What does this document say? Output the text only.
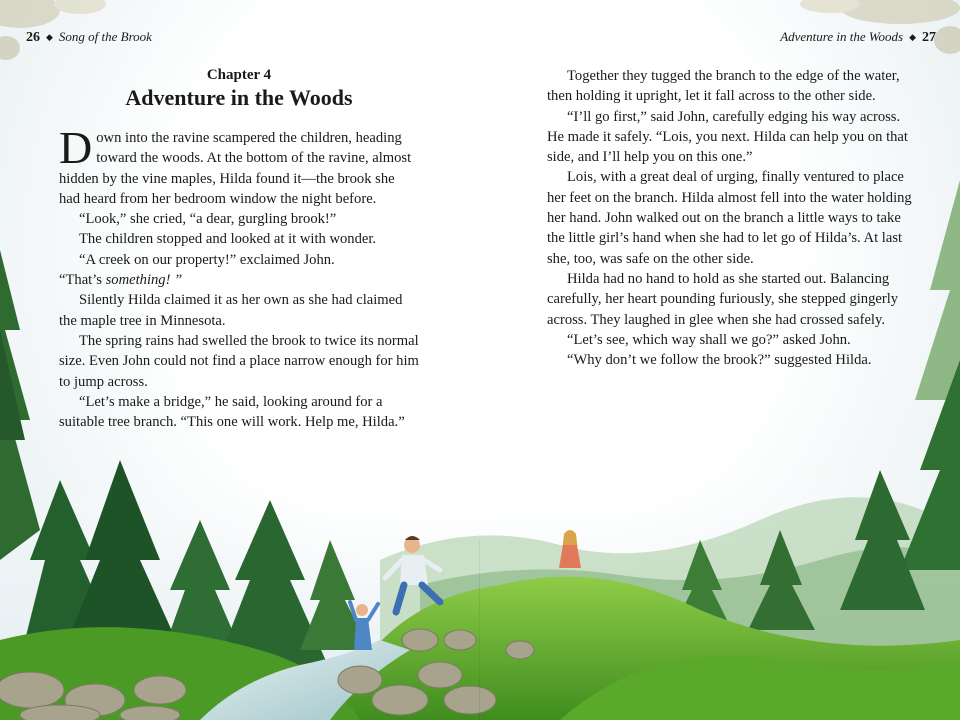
26 ◆ Song of the Brook	Adventure in the Woods ◆ 27
Chapter 4
Adventure in the Woods

Down into the ravine scampered the children, heading toward the woods. At the bottom of the ravine, almost hidden by the vine maples, Hilda found it—the brook she had heard from her bedroom window the night before.

“Look,” she cried, “a dear, gurgling brook!”

The children stopped and looked at it with wonder.

“A creek on our property!” exclaimed John.

“That’s something! ”

Silently Hilda claimed it as her own as she had claimed the maple tree in Minnesota.

The spring rains had swelled the brook to twice its normal size. Even John could not find a place narrow enough for him to jump across.

“Let’s make a bridge,” he said, looking around for a suitable tree branch. “This one will work. Help me, Hilda.”

Together they tugged the branch to the edge of the water, then holding it upright, let it fall across to the other side.

“I’ll go first,” said John, carefully edging his way across. He made it safely. “Lois, you next. Hilda can help you on that side, and I’ll help you on this one.”

Lois, with a great deal of urging, finally ventured to place her feet on the branch. Hilda almost fell into the water holding her hand. John walked out on the branch a little ways to take the little girl’s hand when she had to let go of Hilda’s. At last she, too, was safe on the other side.

Hilda had no hand to hold as she started out. Balancing carefully, her heart pounding furiously, she stepped gingerly across. They laughed in glee when she had crossed safely.

“Let’s see, which way shall we go?” asked John.

“Why don’t we follow the brook?” suggested Hilda.
